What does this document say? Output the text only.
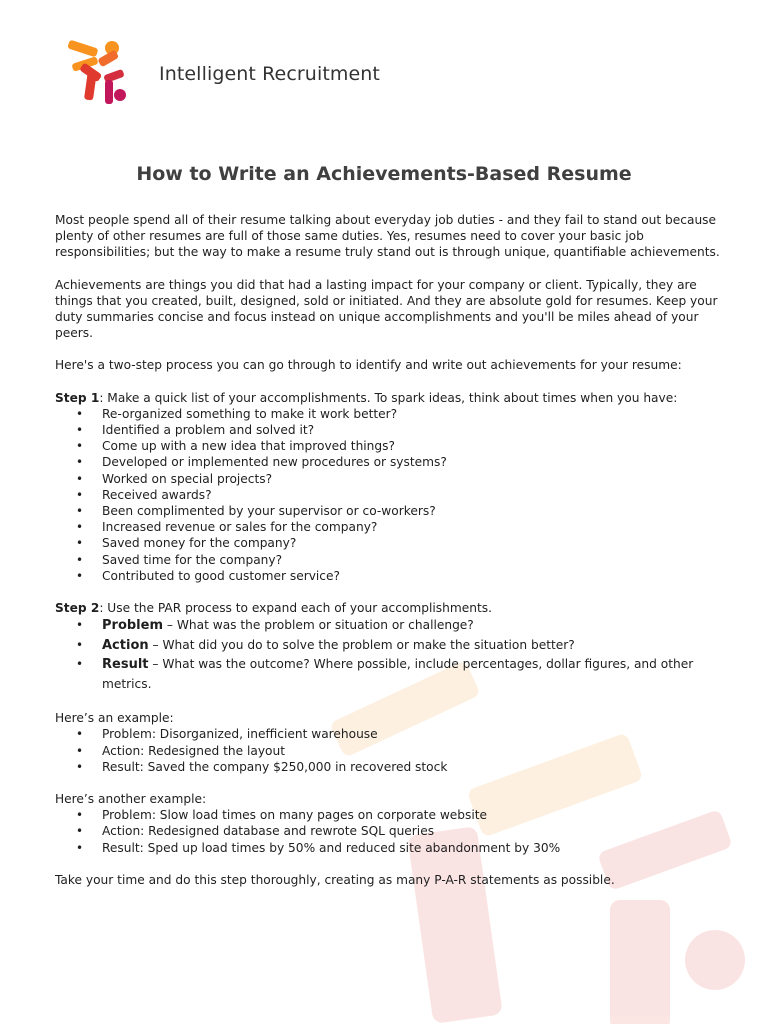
Intelligent Recruitment
How to Write an Achievements-Based Resume

Most people spend all of their resume talking about everyday job duties - and they fail to stand out because plenty of other resumes are full of those same duties. Yes, resumes need to cover your basic job responsibilities; but the way to make a resume truly stand out is through unique, quantifiable achievements.

Achievements are things you did that had a lasting impact for your company or client. Typically, they are things that you created, built, designed, sold or initiated. And they are absolute gold for resumes. Keep your duty summaries concise and focus instead on unique accomplishments and you'll be miles ahead of your peers.

Here's a two-step process you can go through to identify and write out achievements for your resume:

Step 1: Make a quick list of your accomplishments. To spark ideas, think about times when you have:

• Re-organized something to make it work better?
• Identified a problem and solved it?
• Come up with a new idea that improved things?
• Developed or implemented new procedures or systems?
• Worked on special projects?
• Received awards?
• Been complimented by your supervisor or co-workers?
• Increased revenue or sales for the company?
• Saved money for the company?
• Saved time for the company?
• Contributed to good customer service?

Step 2: Use the PAR process to expand each of your accomplishments.

• Problem – What was the problem or situation or challenge?
• Action – What did you do to solve the problem or make the situation better?
• Result – What was the outcome? Where possible, include percentages, dollar figures, and other metrics.

Here’s an example:

• Problem: Disorganized, inefficient warehouse
• Action: Redesigned the layout
• Result: Saved the company $250,000 in recovered stock

Here’s another example:

• Problem: Slow load times on many pages on corporate website
• Action: Redesigned database and rewrote SQL queries
• Result: Sped up load times by 50% and reduced site abandonment by 30%

Take your time and do this step thoroughly, creating as many P-A-R statements as possible.
